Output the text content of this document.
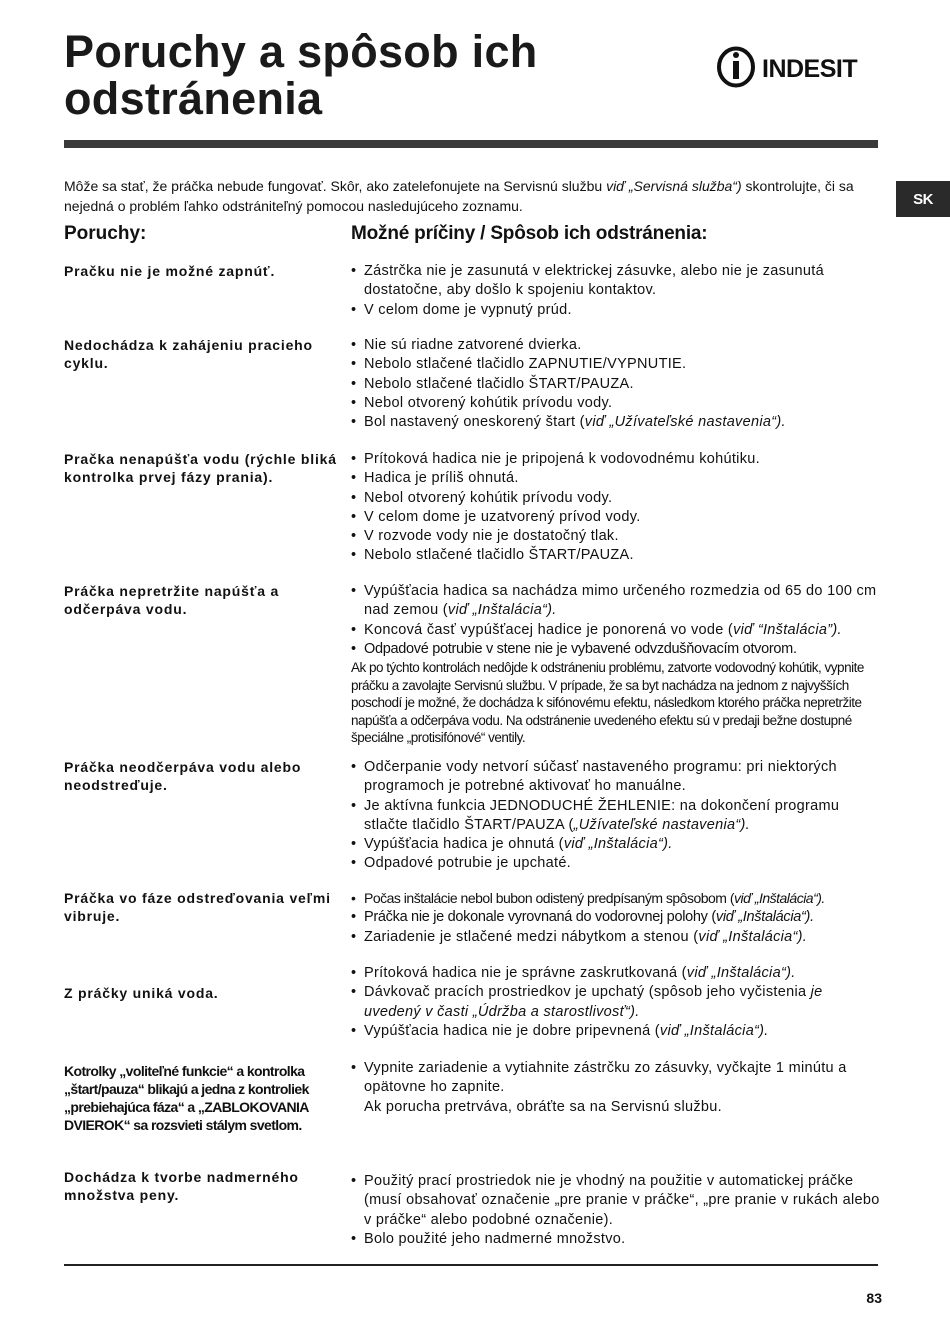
Poruchy a spôsob ich
odstránenia
INDESIT
SK

Môže sa stať, že práčka nebude fungovať. Skôr, ako zatelefonujete na Servisnú službu viď „Servisná služba“) skontrolujte, či sa nejedná o problém ľahko odstrániteľný pomocou nasledujúceho zoznamu.

Poruchy:	Možné príčiny / Spôsob ich odstránenia:

Pračku nie je možné zapnúť.

•	Zástrčka nie je zasunutá v elektrickej zásuvke, alebo nie je zasunutá dostatočne, aby došlo k spojeniu kontaktov.
• V celom dome je vypnutý prúd.

Nedochádza k zahájeniu pracieho cyklu.

• Nie sú riadne zatvorené dvierka.
• Nebolo stlačené tlačidlo ZAPNUTIE/VYPNUTIE.
• Nebolo stlačené tlačidlo ŠTART/PAUZA.
• Nebol otvorený kohútik prívodu vody.
• Bol nastavený oneskorený štart (viď „Užívateľské nastavenia“).

Pračka nenapúšťa vodu (rýchle bliká kontrolka prvej fázy prania).

• Prítoková hadica nie je pripojená k vodovodnému kohútiku.
• Hadica je príliš ohnutá.
• Nebol otvorený kohútik prívodu vody.
• V celom dome je uzatvorený prívod vody.
• V rozvode vody nie je dostatočný tlak.
• Nebolo stlačené tlačidlo ŠTART/PAUZA.

Práčka nepretržite napúšťa a odčerpáva vodu.

• Vypúšťacia hadica sa nachádza mimo určeného rozmedzia od 65 do 100 cm nad zemou (viď „Inštalácia“).
• Koncová časť vypúšťacej hadice je ponorená vo vode (viď “Inštalácia”).
• Odpadové potrubie v stene nie je vybavené odvzdušňovacím otvorom.
Ak po týchto kontrolách nedôjde k odstráneniu problému, zatvorte vodovodný kohútik, vypnite práčku a zavolajte Servisnú službu. V prípade, že sa byt nachádza na jednom z najvyšších poschodí je možné, že dochádza k sifónovému efektu, následkom ktorého práčka nepretržite napúšťa a odčerpáva vodu. Na odstránenie uvedeného efektu sú v predaji bežne dostupné špeciálne „protisifónové“ ventily.

Práčka neodčerpáva vodu alebo neodstreďuje.

• Odčerpanie vody netvorí súčasť nastaveného programu: pri niektorých programoch je potrebné aktivovať ho manuálne.
• Je aktívna funkcia JEDNODUCHÉ ŽEHLENIE: na dokončení programu stlačte tlačidlo ŠTART/PAUZA („Užívateľské nastavenia“).
• Vypúšťacia hadica je ohnutá (viď „Inštalácia“).
• Odpadové potrubie je upchaté.

Práčka vo fáze odstreďovania veľmi vibruje.

• Počas inštalácie nebol bubon odistený predpísaným spôsobom (viď „Inštalácia“).
• Práčka nie je dokonale vyrovnaná do vodorovnej polohy (viď „Inštalácia“).
• Zariadenie je stlačené medzi nábytkom a stenou (viď „Inštalácia“).

Z práčky uniká voda.

• Prítoková hadica nie je správne zaskrutkovaná (viď „Inštalácia“).
• Dávkovač pracích prostriedkov je upchatý (spôsob jeho vyčistenia je uvedený v časti „Údržba a starostlivosť“).
• Vypúšťacia hadica nie je dobre pripevnená (viď „Inštalácia“).

Kotrolky „voliteľné funkcie“ a kontrolka „štart/pauza“ blikajú a jedna z kontroliek „prebiehajúca fáza“ a „ZABLOKOVANIA DVIEROK“ sa rozsvieti stálym svetlom.

• Vypnite zariadenie a vytiahnite zástrčku zo zásuvky, vyčkajte 1 minútu a opätovne ho zapnite.
Ak porucha pretrváva, obráťte sa na Servisnú službu.

Dochádza k tvorbe nadmerného množstva peny.

• Použitý prací prostriedok nie je vhodný na použitie v automatickej práčke (musí obsahovať označenie „pre pranie v práčke“, „pre pranie v rukách alebo v práčke“ alebo podobné označenie).
• Bolo použité jeho nadmerné množstvo.
83
